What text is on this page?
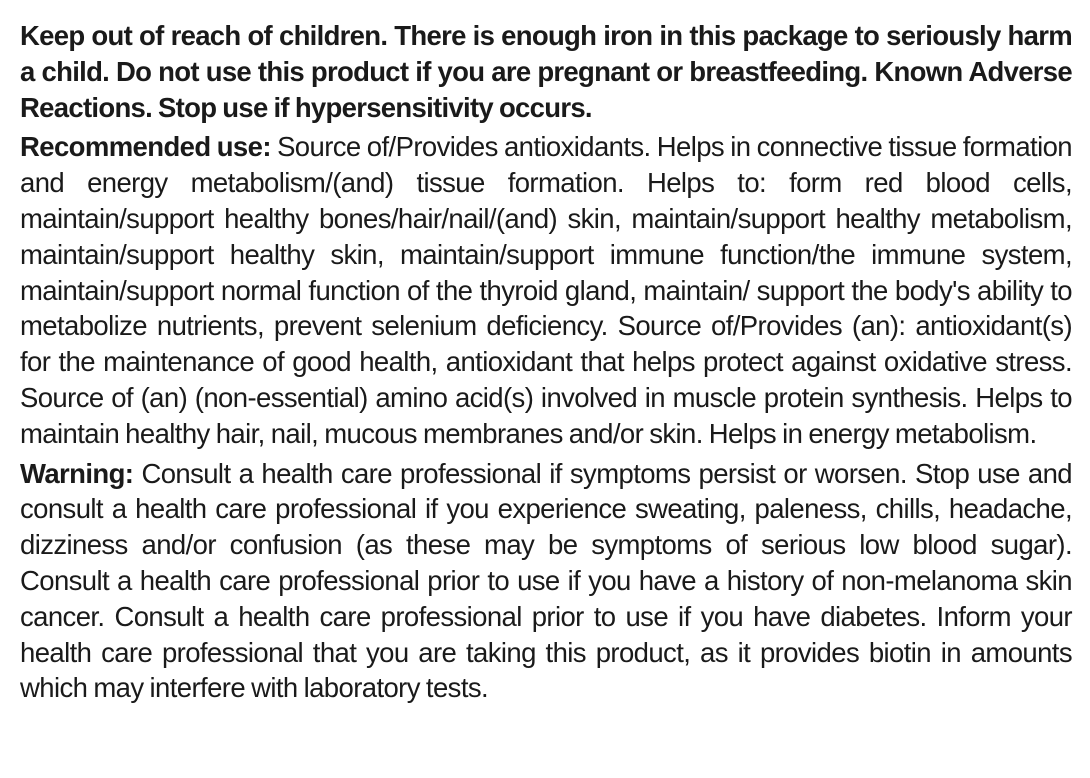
Keep out of reach of children. There is enough iron in this package to seriously harm a child. Do not use this product if you are pregnant or breastfeeding. Known Adverse Reactions. Stop use if hypersensitivity occurs.

Recommended use: Source of/Provides antioxidants. Helps in connective tissue formation and energy metabolism/(and) tissue formation. Helps to: form red blood cells, maintain/support healthy bones/hair/nail/(and) skin, maintain/support healthy metabolism, maintain/support healthy skin, maintain/support immune function/the immune system, maintain/support normal function of the thyroid gland, maintain/ support the body's ability to metabolize nutrients, prevent selenium deficiency. Source of/Provides (an): antioxidant(s) for the maintenance of good health, antioxidant that helps protect against oxidative stress. Source of (an) (non-essential) amino acid(s) involved in muscle protein synthesis. Helps to maintain healthy hair, nail, mucous membranes and/or skin. Helps in energy metabolism.

Warning: Consult a health care professional if symptoms persist or worsen. Stop use and consult a health care professional if you experience sweating, paleness, chills, headache, dizziness and/or confusion (as these may be symptoms of serious low blood sugar). Consult a health care professional prior to use if you have a history of non-melanoma skin cancer. Consult a health care professional prior to use if you have diabetes. Inform your health care professional that you are taking this product, as it provides biotin in amounts which may interfere with laboratory tests.
